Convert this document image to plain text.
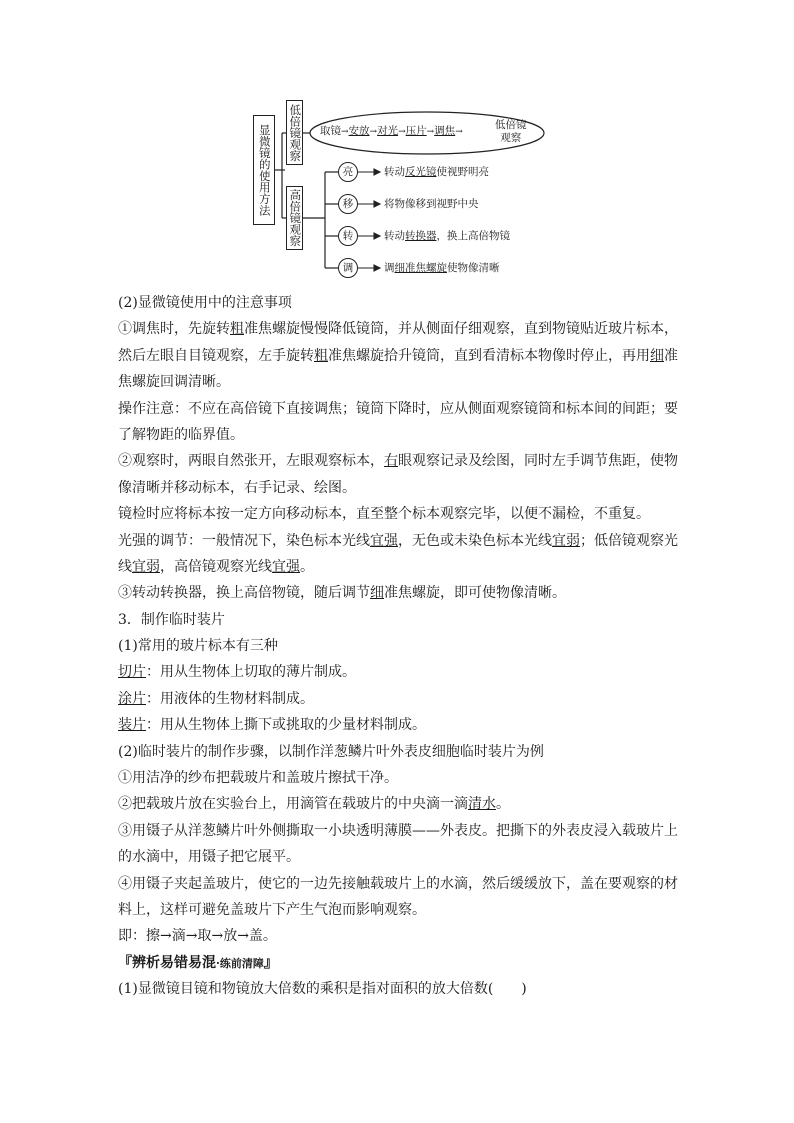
显微镜的使用方法 低倍镜观察
高倍镜观察
取镜→安放→对光→压片→调焦→
低倍镜
观察
亮	转动反光镜使视野明亮
移	将物像移到视野中央
转	转动转换器，换上高倍物镜
调	调细准焦螺旋使物像清晰
(2)显微镜使用中的注意事项
①调焦时，先旋转粗准焦螺旋慢慢降低镜筒，并从侧面仔细观察，直到物镜贴近玻片标本，
然后左眼自目镜观察，左手旋转粗准焦螺旋拾升镜筒，直到看清标本物像时停止，再用细准
焦螺旋回调清晰。
操作注意：不应在高倍镜下直接调焦；镜筒下降时，应从侧面观察镜筒和标本间的间距；要
了解物距的临界值。
②观察时，两眼自然张开，左眼观察标本，右眼观察记录及绘图，同时左手调节焦距，使物
像清晰并移动标本，右手记录、绘图。
镜检时应将标本按一定方向移动标本，直至整个标本观察完毕，以便不漏检，不重复。
光强的调节：一般情况下，染色标本光线宜强，无色或未染色标本光线宜弱；低倍镜观察光
线宜弱，高倍镜观察光线宜强。
③转动转换器，换上高倍物镜，随后调节细准焦螺旋，即可使物像清晰。
3．制作临时装片
(1)常用的玻片标本有三种
切片：用从生物体上切取的薄片制成。
涂片：用液体的生物材料制成。
装片：用从生物体上撕下或挑取的少量材料制成。
(2)临时装片的制作步骤，以制作洋葱鳞片叶外表皮细胞临时装片为例
①用洁净的纱布把载玻片和盖玻片擦拭干净。
②把载玻片放在实验台上，用滴管在载玻片的中央滴一滴清水。
③用镊子从洋葱鳞片叶外侧撕取一小块透明薄膜——外表皮。把撕下的外表皮浸入载玻片上
的水滴中，用镊子把它展平。
④用镊子夹起盖玻片，使它的一边先接触载玻片上的水滴，然后缓缓放下，盖在要观察的材
料上，这样可避免盖玻片下产生气泡而影响观察。
即：擦→滴→取→放→盖。
『辨析易错易混·练前清障』
(1)显微镜目镜和物镜放大倍数的乘积是指对面积的放大倍数(　　)
